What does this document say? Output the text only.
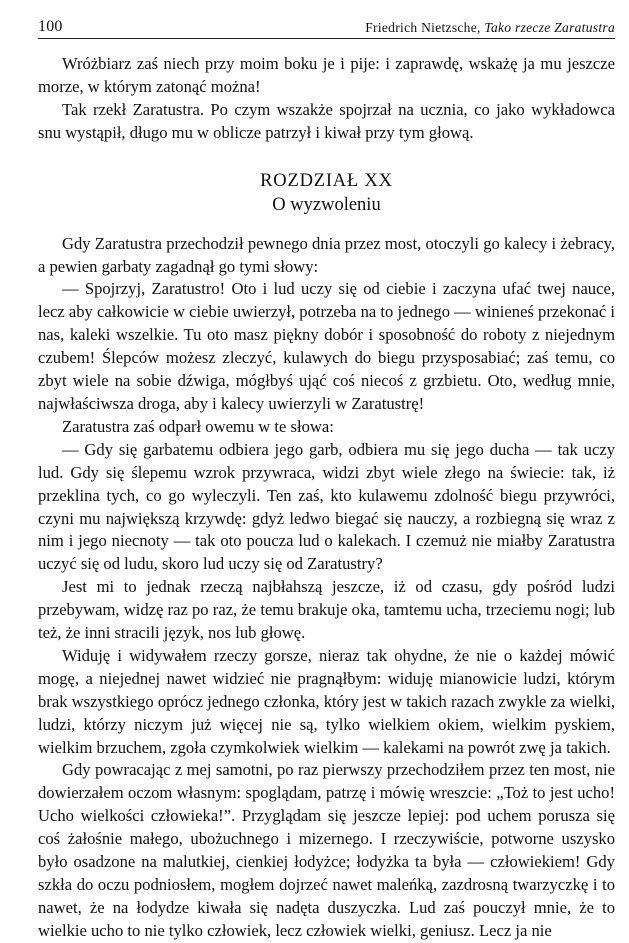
100	Friedrich Nietzsche, Tako rzecze Zaratustra

Wróżbiarz zaś niech przy moim boku je i pije: i zaprawdę, wskażę ja mu jeszcze morze, w którym zatonąć można!

Tak rzekł Zaratustra. Po czym wszakże spojrzał na ucznia, co jako wykładowca snu wystąpił, długo mu w oblicze patrzył i kiwał przy tym głową.

ROZDZIAŁ XX
O wyzwoleniu

Gdy Zaratustra przechodził pewnego dnia przez most, otoczyli go kalecy i żebracy, a pewien garbaty zagadnął go tymi słowy:

— Spojrzyj, Zaratustro! Oto i lud uczy się od ciebie i zaczyna ufać twej nauce, lecz aby całkowicie w ciebie uwierzył, potrzeba na to jednego — winieneś przekonać i nas, kaleki wszelkie. Tu oto masz piękny dobór i sposobność do roboty z niejednym czubem! Ślepców możesz zleczyć, kulawych do biegu przysposabiać; zaś temu, co zbyt wiele na sobie dźwiga, mógłbyś ująć coś niecoś z grzbietu. Oto, według mnie, najwłaściwsza droga, aby i kalecy uwierzyli w Zaratustrę!

Zaratustra zaś odparł owemu w te słowa:

— Gdy się garbatemu odbiera jego garb, odbiera mu się jego ducha — tak uczy lud. Gdy się ślepemu wzrok przywraca, widzi zbyt wiele złego na świecie: tak, iż przeklina tych, co go wyleczyli. Ten zaś, kto kulawemu zdolność biegu przywróci, czyni mu największą krzywdę: gdyż ledwo biegać się nauczy, a rozbiegną się wraz z nim i jego niecnoty — tak oto poucza lud o kalekach. I czemuż nie miałby Zaratustra uczyć się od ludu, skoro lud uczy się od Zaratustry?

Jest mi to jednak rzeczą najbłahszą jeszcze, iż od czasu, gdy pośród ludzi przebywam, widzę raz po raz, że temu brakuje oka, tamtemu ucha, trzeciemu nogi; lub też, że inni stracili język, nos lub głowę.

Widuję i widywałem rzeczy gorsze, nieraz tak ohydne, że nie o każdej mówić mogę, a niejednej nawet widzieć nie pragnąłbym: widuję mianowicie ludzi, którym brak wszystkiego oprócz jednego członka, który jest w takich razach zwykle za wielki, ludzi, którzy niczym już więcej nie są, tylko wielkiem okiem, wielkim pyskiem, wielkim brzuchem, zgoła czymkolwiek wielkim — kalekami na powrót zwę ja takich.

Gdy powracając z mej samotni, po raz pierwszy przechodziłem przez ten most, nie dowierzałem oczom własnym: spoglądam, patrzę i mówię wreszcie: „Toż to jest ucho! Ucho wielkości człowieka!”. Przyglądam się jeszcze lepiej: pod uchem porusza się coś żałośnie małego, ubożuchnego i mizernego. I rzeczywiście, potworne uszysko było osadzone na malutkiej, cienkiej łodyżce; łodyżka ta była — człowiekiem! Gdy szkła do oczu podniosłem, mogłem dojrzeć nawet maleńką, zazdrosną twarzyczkę i to nawet, że na łodydze kiwała się nadęta duszyczka. Lud zaś pouczył mnie, że to wielkie ucho to nie tylko człowiek, lecz człowiek wielki, geniusz. Lecz ja nie
